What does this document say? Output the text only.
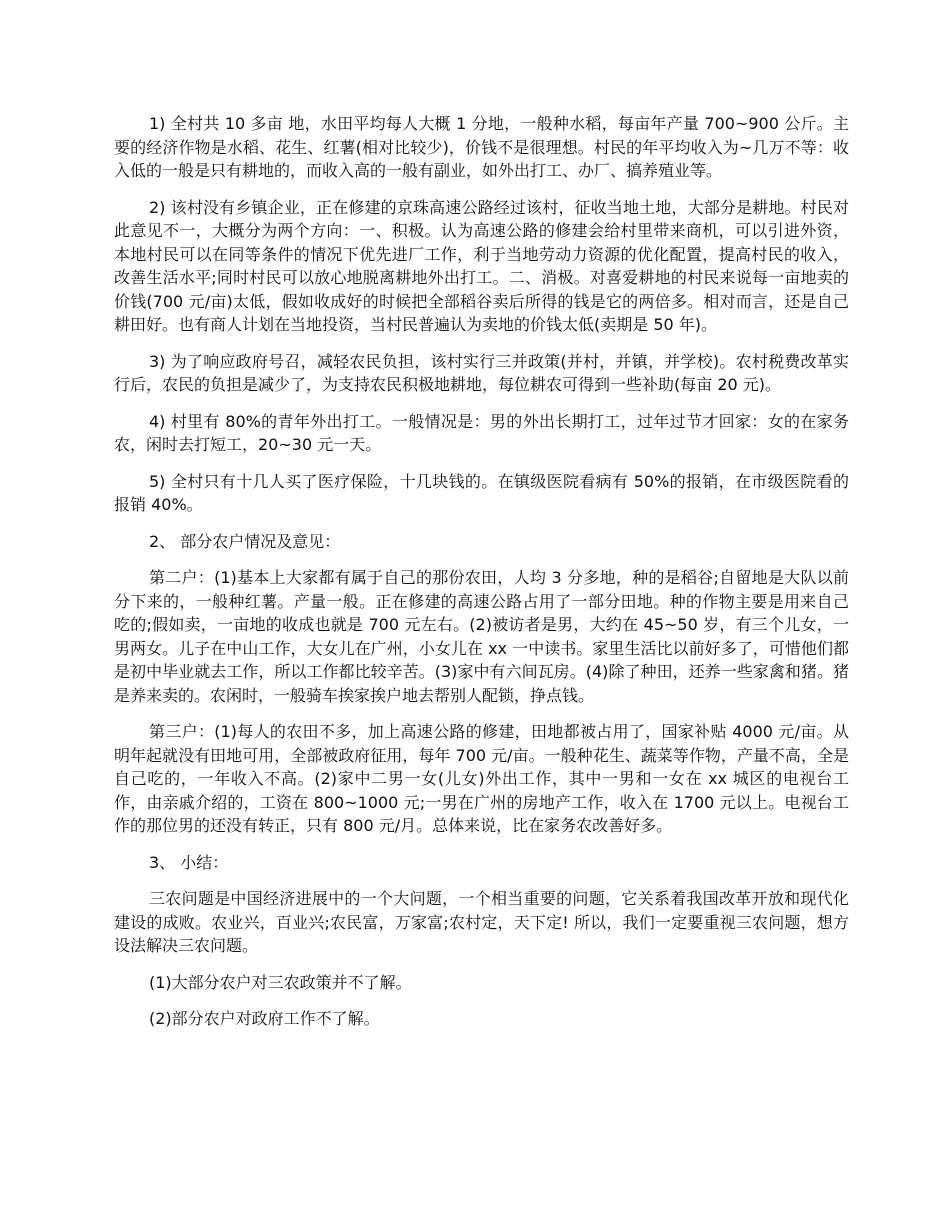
1) 全村共 10 多亩 地，水田平均每人大概 1 分地，一般种水稻，每亩年产量 700~900 公斤。主要的经济作物是水稻、花生、红薯(相对比较少)，价钱不是很理想。村民的年平均收入为~几万不等：收入低的一般是只有耕地的，而收入高的一般有副业，如外出打工、办厂、搞养殖业等。

2) 该村没有乡镇企业，正在修建的京珠高速公路经过该村，征收当地土地，大部分是耕地。村民对此意见不一，大概分为两个方向：一、积极。认为高速公路的修建会给村里带来商机，可以引进外资，本地村民可以在同等条件的情况下优先进厂工作，利于当地劳动力资源的优化配置，提高村民的收入，改善生活水平;同时村民可以放心地脱离耕地外出打工。二、消极。对喜爱耕地的村民来说每一亩地卖的价钱(700 元/亩)太低，假如收成好的时候把全部稻谷卖后所得的钱是它的两倍多。相对而言，还是自己耕田好。也有商人计划在当地投资，当村民普遍认为卖地的价钱太低(卖期是 50 年)。

3) 为了响应政府号召，减轻农民负担，该村实行三并政策(并村，并镇，并学校)。农村税费改革实行后，农民的负担是减少了，为支持农民积极地耕地，每位耕农可得到一些补助(每亩 20 元)。

4) 村里有 80%的青年外出打工。一般情况是：男的外出长期打工，过年过节才回家：女的在家务农，闲时去打短工，20~30 元一天。

5) 全村只有十几人买了医疗保险，十几块钱的。在镇级医院看病有 50%的报销，在市级医院看的报销 40%。

2、 部分农户情况及意见：

第二户：(1)基本上大家都有属于自己的那份农田，人均 3 分多地，种的是稻谷;自留地是大队以前分下来的，一般种红薯。产量一般。正在修建的高速公路占用了一部分田地。种的作物主要是用来自己吃的;假如卖，一亩地的收成也就是 700 元左右。(2)被访者是男，大约在 45~50 岁，有三个儿女，一男两女。儿子在中山工作，大女儿在广州，小女儿在 xx 一中读书。家里生活比以前好多了，可惜他们都是初中毕业就去工作，所以工作都比较辛苦。(3)家中有六间瓦房。(4)除了种田，还养一些家禽和猪。猪是养来卖的。农闲时，一般骑车挨家挨户地去帮别人配锁，挣点钱。

第三户：(1)每人的农田不多，加上高速公路的修建，田地都被占用了，国家补贴 4000 元/亩。从明年起就没有田地可用，全部被政府征用，每年 700 元/亩。一般种花生、蔬菜等作物，产量不高，全是自己吃的，一年收入不高。(2)家中二男一女(儿女)外出工作，其中一男和一女在 xx 城区的电视台工作，由亲戚介绍的，工资在 800~1000 元;一男在广州的房地产工作，收入在 1700 元以上。电视台工作的那位男的还没有转正，只有 800 元/月。总体来说，比在家务农改善好多。

3、 小结：

三农问题是中国经济进展中的一个大问题，一个相当重要的问题，它关系着我国改革开放和现代化建设的成败。农业兴，百业兴;农民富，万家富;农村定，天下定! 所以，我们一定要重视三农问题，想方设法解决三农问题。

(1)大部分农户对三农政策并不了解。

(2)部分农户对政府工作不了解。
